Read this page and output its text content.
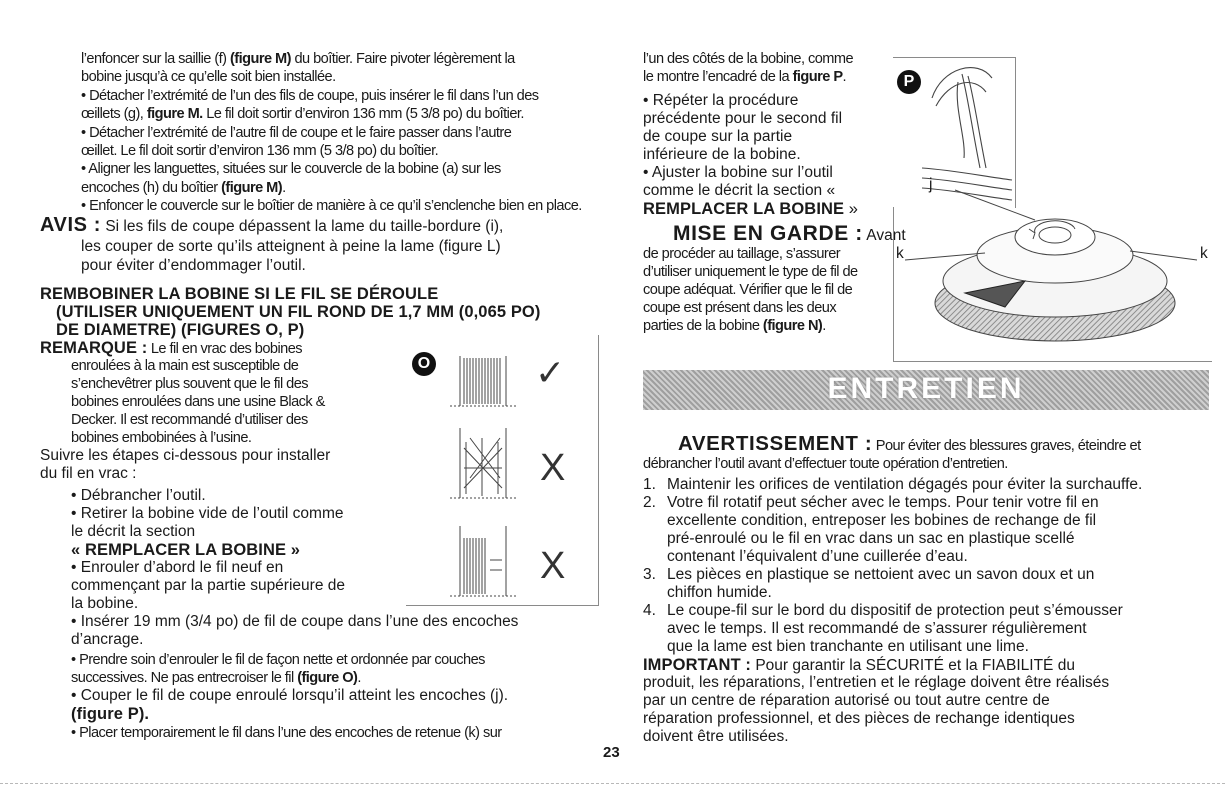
l’enfoncer sur la saillie (f) (figure M) du boîtier. Faire pivoter légèrement la
bobine jusqu’à ce qu’elle soit bien installée.
• Détacher l’extrémité de l’un des fils de coupe, puis insérer le fil dans l’un des
œillets (g), figure M. Le fil doit sortir d’environ 136 mm (5 3/8 po) du boîtier.
• Détacher l’extrémité de l’autre fil de coupe et le faire passer dans l’autre
œillet. Le fil doit sortir d’environ 136 mm (5 3/8 po) du boîtier.
• Aligner les languettes, situées sur le couvercle de la bobine (a) sur les
encoches (h) du boîtier (figure M).
• Enfoncer le couvercle sur le boîtier de manière à ce qu’il s’enclenche bien en place.
AVIS : Si les fils de coupe dépassent la lame du taille-bordure (i),
les couper de sorte qu’ils atteignent à peine la lame (figure L)
pour éviter d’endommager l’outil.
REMBOBINER LA BOBINE SI LE FIL SE DÉROULE
(UTILISER UNIQUEMENT UN FIL ROND DE 1,7 MM (0,065 PO)
DE DIAMETRE) (FIGURES O, P)
REMARQUE : Le fil en vrac des bobines
enroulées à la main est susceptible de
s’enchevêtrer plus souvent que le fil des
bobines enroulées dans une usine Black &
Decker. Il est recommandé d’utiliser des
bobines embobinées à l’usine.
Suivre les étapes ci-dessous pour installer
du fil en vrac :
• Débrancher l’outil.
• Retirer la bobine vide de l’outil comme
le décrit la section
« REMPLACER LA BOBINE »
• Enrouler d’abord le fil neuf en
commençant par la partie supérieure de
la bobine.
• Insérer 19 mm (3/4 po) de fil de coupe dans l’une des encoches
d’ancrage.
• Prendre soin d’enrouler le fil de façon nette et ordonnée par couches
successives. Ne pas entrecroiser le fil (figure O).
• Couper le fil de coupe enroulé lorsqu’il atteint les encoches (j).
(figure P).
• Placer temporairement le fil dans l’une des encoches de retenue (k) sur
O	✓
X
X
l’un des côtés de la bobine, comme
le montre l’encadré de la figure P.
• Répéter la procédure
précédente pour le second fil
de coupe sur la partie
inférieure de la bobine.
• Ajuster la bobine sur l’outil
comme le décrit la section «
REMPLACER LA BOBINE »
MISE EN GARDE : Avant
de procéder au taillage, s’assurer
d’utiliser uniquement le type de fil de
coupe adéquat. Vérifier que le fil de
coupe est présent dans les deux
parties de la bobine (figure N).
P
j
k	k
ENTRETIEN
AVERTISSEMENT : Pour éviter des blessures graves, éteindre et
débrancher l’outil avant d’effectuer toute opération d’entretien.
1. Maintenir les orifices de ventilation dégagés pour éviter la surchauffe.
2. Votre fil rotatif peut sécher avec le temps. Pour tenir votre fil en
excellente condition, entreposer les bobines de rechange de fil
pré-enroulé ou le fil en vrac dans un sac en plastique scellé
contenant l’équivalent d’une cuillerée d’eau.
3. Les pièces en plastique se nettoient avec un savon doux et un
chiffon humide.
4. Le coupe-fil sur le bord du dispositif de protection peut s’émousser
avec le temps. Il est recommandé de s’assurer régulièrement
que la lame est bien tranchante en utilisant une lime.
IMPORTANT : Pour garantir la SÉCURITÉ et la FIABILITÉ du
produit, les réparations, l’entretien et le réglage doivent être réalisés
par un centre de réparation autorisé ou tout autre centre de
réparation professionnel, et des pièces de rechange identiques
doivent être utilisées.
23
